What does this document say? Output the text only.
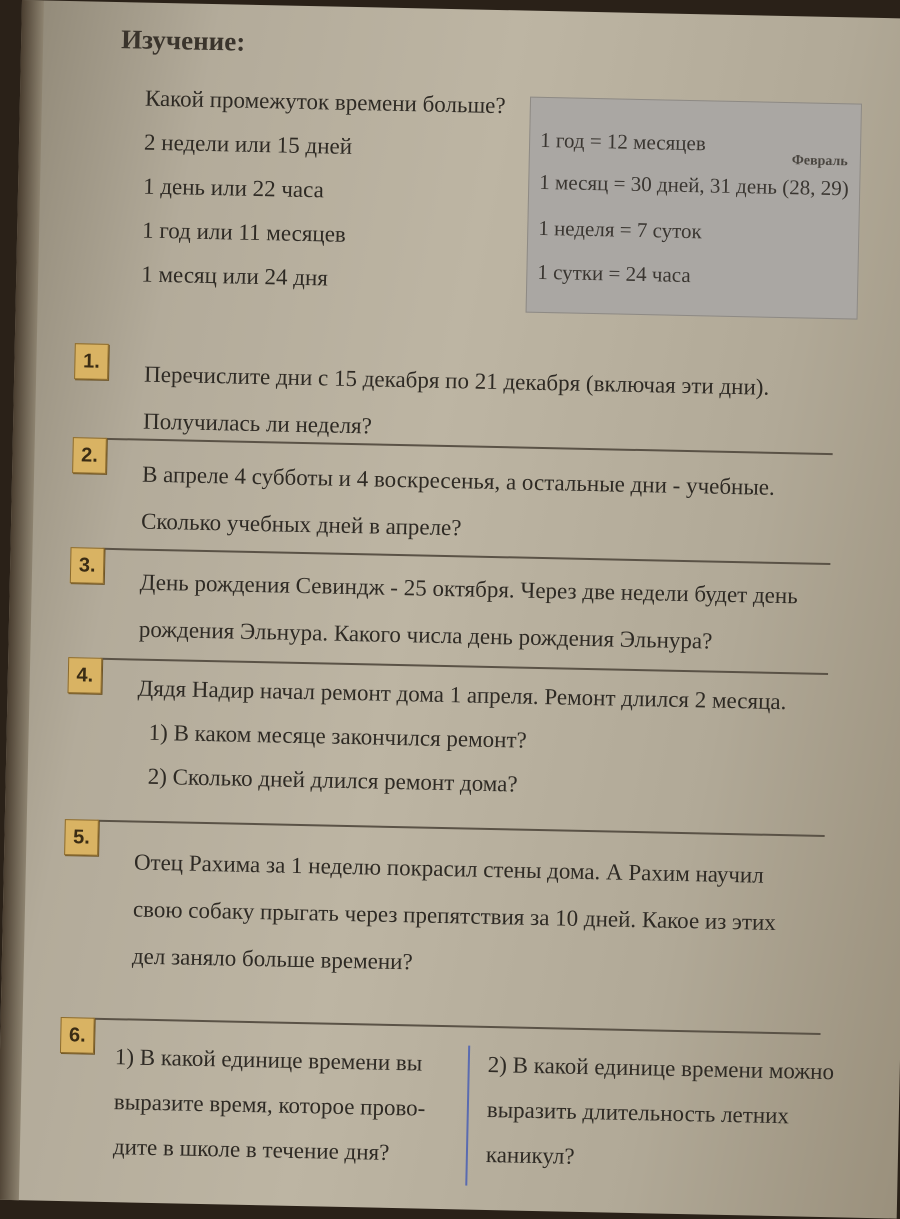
Изучение:
Какой промежуток времени больше?
2 недели или 15 дней
1 день или 22 часа
1 год или 11 месяцев
1 месяц или 24 дня
1 год = 12 месяцев
Февраль
1 месяц = 30 дней, 31 день (28, 29)
1 неделя = 7 суток
1 сутки = 24 часа
1.
Перечислите дни с 15 декабря по 21 декабря (включая эти дни).
Получилась ли неделя?
2.
В апреле 4 субботы и 4 воскресенья, а остальные дни - учебные.
Сколько учебных дней в апреле?
3.
День рождения Севиндж - 25 октября. Через две недели будет день
рождения Эльнура. Какого числа день рождения Эльнура?
4.
Дядя Надир начал ремонт дома 1 апреля. Ремонт длился 2 месяца.
1) В каком месяце закончился ремонт?
2) Сколько дней длился ремонт дома?
5.
Отец Рахима за 1 неделю покрасил стены дома. А Рахим научил
свою собаку прыгать через препятствия за 10 дней. Какое из этих
дел заняло больше времени?
6.
1) В какой единице времени вы
выразите время, которое прово-
дите в школе в течение дня?
2) В какой единице времени можно
выразить длительность летних
каникул?
